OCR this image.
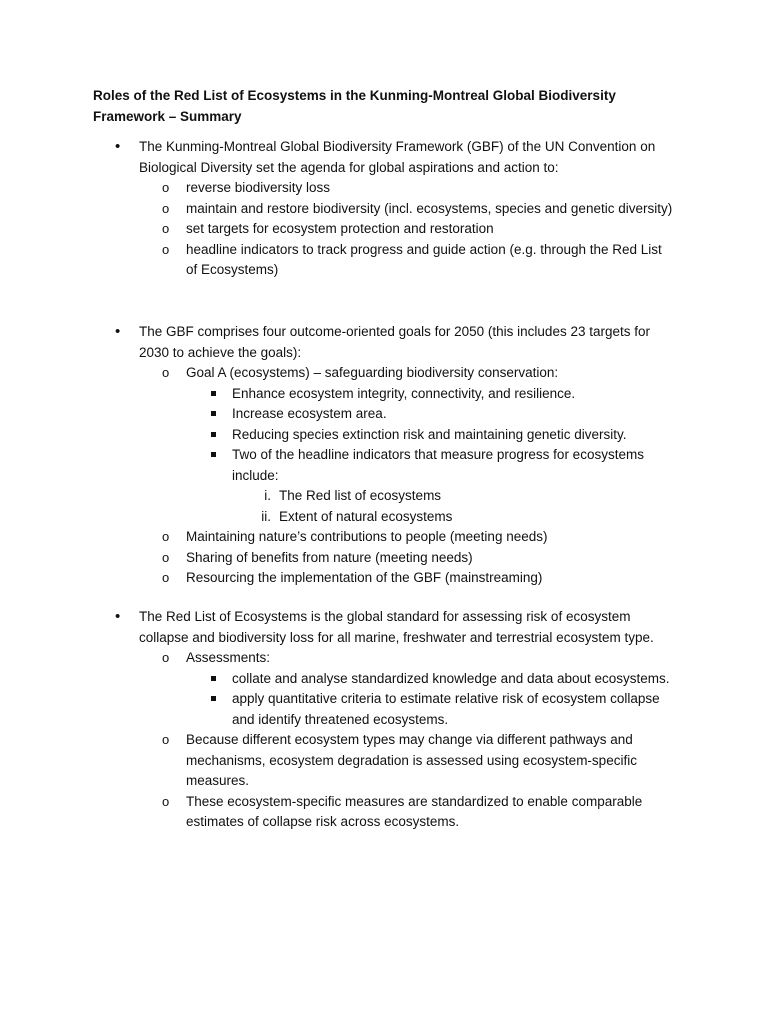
Roles of the Red List of Ecosystems in the Kunming-Montreal Global Biodiversity Framework – Summary
• The Kunming-Montreal Global Biodiversity Framework (GBF) of the UN Convention on Biological Diversity set the agenda for global aspirations and action to:
o reverse biodiversity loss
o maintain and restore biodiversity (incl. ecosystems, species and genetic diversity)
o set targets for ecosystem protection and restoration
o headline indicators to track progress and guide action (e.g. through the Red List of Ecosystems)
• The GBF comprises four outcome-oriented goals for 2050 (this includes 23 targets for 2030 to achieve the goals):
o Goal A (ecosystems) – safeguarding biodiversity conservation:
Enhance ecosystem integrity, connectivity, and resilience.
Increase ecosystem area.
Reducing species extinction risk and maintaining genetic diversity.
Two of the headline indicators that measure progress for ecosystems include:
i. The Red list of ecosystems
ii. Extent of natural ecosystems
o Maintaining nature’s contributions to people (meeting needs)
o Sharing of benefits from nature (meeting needs)
o Resourcing the implementation of the GBF (mainstreaming)
• The Red List of Ecosystems is the global standard for assessing risk of ecosystem collapse and biodiversity loss for all marine, freshwater and terrestrial ecosystem type.
o Assessments:
collate and analyse standardized knowledge and data about ecosystems.
apply quantitative criteria to estimate relative risk of ecosystem collapse and identify threatened ecosystems.
o Because different ecosystem types may change via different pathways and mechanisms, ecosystem degradation is assessed using ecosystem-specific measures.
o These ecosystem-specific measures are standardized to enable comparable estimates of collapse risk across ecosystems.
